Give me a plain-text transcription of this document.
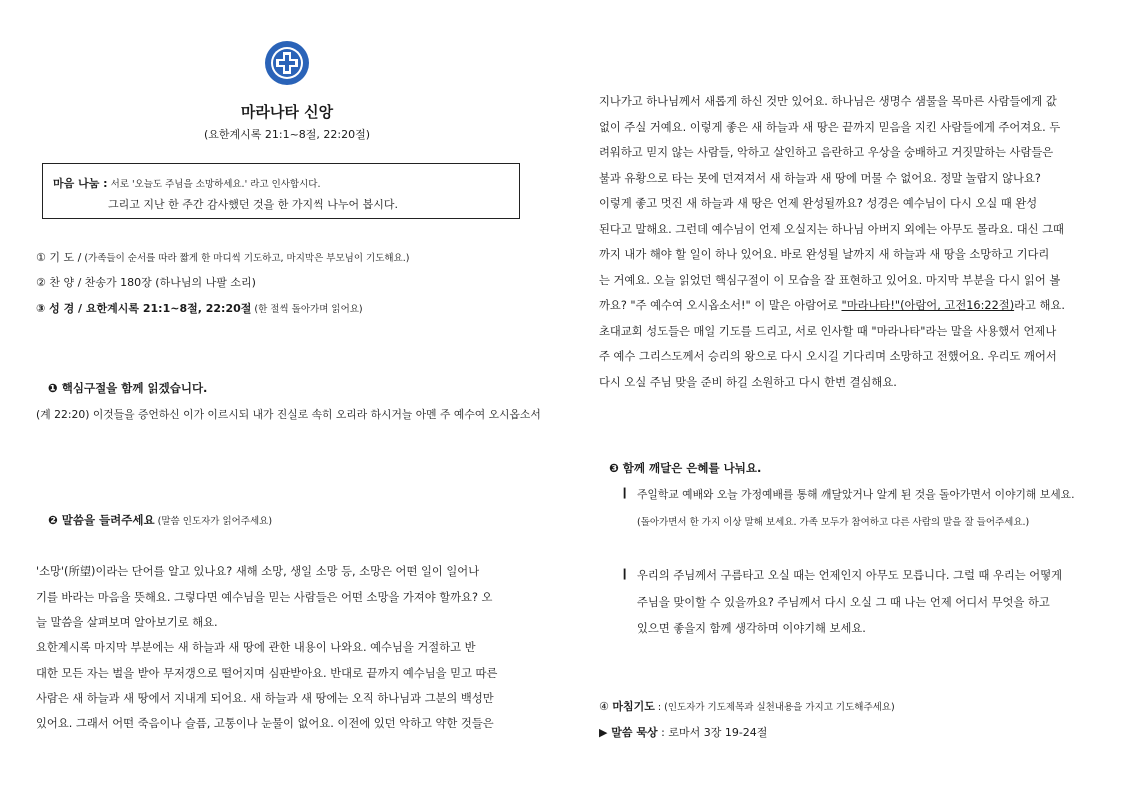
마라나타 신앙
(요한계시록 21:1~8절, 22:20절)
마음 나눔 : 서로 '오늘도 주님을 소망하세요.' 라고 인사합시다.
그리고 지난 한 주간 감사했던 것을 한 가지씩 나누어 봅시다.
① 기 도 / (가족들이 순서를 따라 짧게 한 마디씩 기도하고, 마지막은 부모님이 기도해요.)
② 찬 양 / 찬송가 180장 (하나님의 나팔 소리)
③ 성 경 / 요한계시록 21:1~8절, 22:20절 (한 절씩 돌아가며 읽어요)
❶ 핵심구절을 함께 읽겠습니다.
(계 22:20) 이것들을 증언하신 이가 이르시되 내가 진실로 속히 오리라 하시거늘 아멘 주 예수여 오시옵소서
❷ 말씀을 들려주세요 (말씀 인도자가 읽어주세요)
'소망'(所望)이라는 단어를 알고 있나요? 새해 소망, 생일 소망 등, 소망은 어떤 일이 일어나
기를 바라는 마음을 뜻해요. 그렇다면 예수님을 믿는 사람들은 어떤 소망을 가져야 할까요? 오
늘 말씀을 살펴보며 알아보기로 해요.
요한계시록 마지막 부분에는 새 하늘과 새 땅에 관한 내용이 나와요. 예수님을 거절하고 반
대한 모든 자는 벌을 받아 무저갱으로 떨어지며 심판받아요. 반대로 끝까지 예수님을 믿고 따른
사람은 새 하늘과 새 땅에서 지내게 되어요. 새 하늘과 새 땅에는 오직 하나님과 그분의 백성만
있어요. 그래서 어떤 죽음이나 슬픔, 고통이나 눈물이 없어요. 이전에 있던 악하고 약한 것들은
지나가고 하나님께서 새롭게 하신 것만 있어요. 하나님은 생명수 샘물을 목마른 사람들에게 값
없이 주실 거예요. 이렇게 좋은 새 하늘과 새 땅은 끝까지 믿음을 지킨 사람들에게 주어져요. 두
려워하고 믿지 않는 사람들, 악하고 살인하고 음란하고 우상을 숭배하고 거짓말하는 사람들은
불과 유황으로 타는 못에 던져져서 새 하늘과 새 땅에 머물 수 없어요. 정말 놀랍지 않나요?
이렇게 좋고 멋진 새 하늘과 새 땅은 언제 완성될까요? 성경은 예수님이 다시 오실 때 완성
된다고 말해요. 그런데 예수님이 언제 오실지는 하나님 아버지 외에는 아무도 몰라요. 대신 그때
까지 내가 해야 할 일이 하나 있어요. 바로 완성될 날까지 새 하늘과 새 땅을 소망하고 기다리
는 거예요. 오늘 읽었던 핵심구절이 이 모습을 잘 표현하고 있어요. 마지막 부분을 다시 읽어 볼
까요? "주 예수여 오시옵소서!" 이 말은 아람어로 "마라나타!"(아람어, 고전16:22절)라고 해요.
초대교회 성도들은 매일 기도를 드리고, 서로 인사할 때 "마라나타"라는 말을 사용했서 언제나
주 예수 그리스도께서 승리의 왕으로 다시 오시길 기다리며 소망하고 전했어요. 우리도 깨어서
다시 오실 주님 맞을 준비 하길 소원하고 다시 한번 결심해요.
❸ 함께 깨달은 은혜를 나눠요.
❙ 주일학교 예배와 오늘 가정예배를 통해 깨달았거나 알게 된 것을 돌아가면서 이야기해 보세요.
(돌아가면서 한 가지 이상 말해 보세요. 가족 모두가 참여하고 다른 사람의 말을 잘 들어주세요.)
❙ 우리의 주님께서 구름타고 오실 때는 언제인지 아무도 모릅니다. 그럴 때 우리는 어떻게
주님을 맞이할 수 있을까요? 주님께서 다시 오실 그 때 나는 언제 어디서 무엇을 하고
있으면 좋을지 함께 생각하며 이야기해 보세요.
④ 마침기도 : (인도자가 기도제목과 실천내용을 가지고 기도해주세요)
▶ 말씀 묵상 : 로마서 3장 19-24절
